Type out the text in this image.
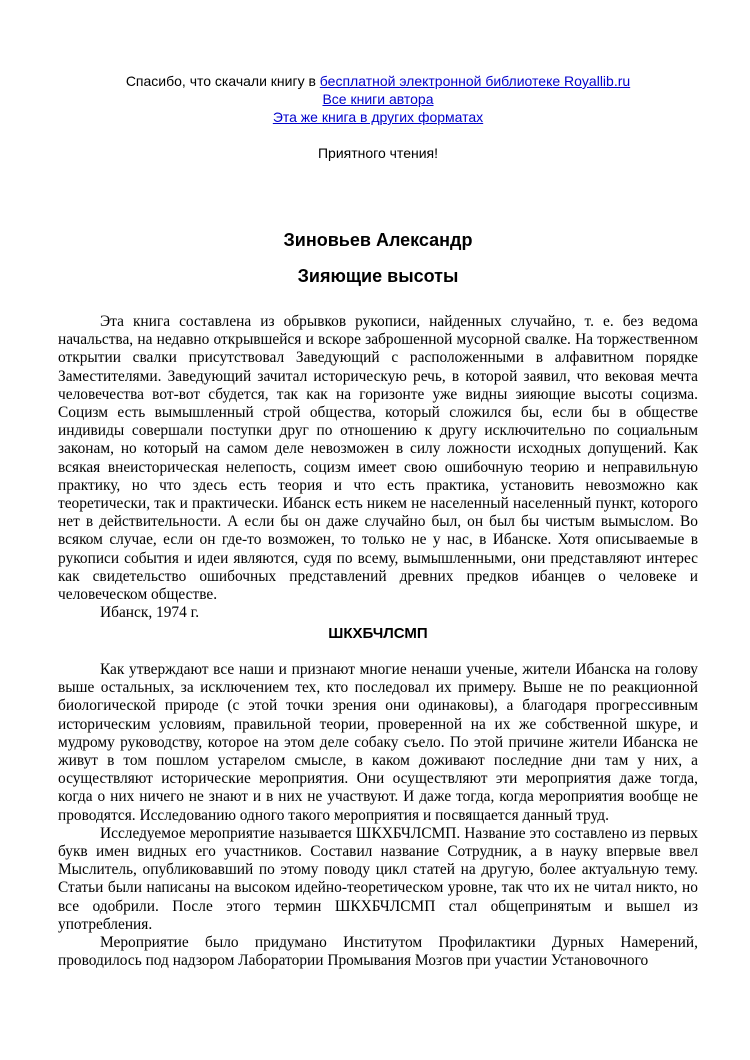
Спасибо, что скачали книгу в бесплатной электронной библиотеке Royallib.ru
Все книги автора
Эта же книга в других форматах
Приятного чтения!
Зиновьев Александр
Зияющие высоты

Эта книга составлена из обрывков рукописи, найденных случайно, т. е. без ведома начальства, на недавно открывшейся и вскоре заброшенной мусорной свалке. На торжественном открытии свалки присутствовал Заведующий с расположенными в алфавитном порядке Заместителями. Заведующий зачитал историческую речь, в которой заявил, что вековая мечта человечества вот-вот сбудется, так как на горизонте уже видны зияющие высоты социзма. Социзм есть вымышленный строй общества, который сложился бы, если бы в обществе индивиды совершали поступки друг по отношению к другу исключительно по социальным законам, но который на самом деле невозможен в силу ложности исходных допущений. Как всякая внеисторическая нелепость, социзм имеет свою ошибочную теорию и неправильную практику, но что здесь есть теория и что есть практика, установить невозможно как теоретически, так и практически. Ибанск есть никем не населенный населенный пункт, которого нет в действительности. А если бы он даже случайно был, он был бы чистым вымыслом. Во всяком случае, если он где-то возможен, то только не у нас, в Ибанске. Хотя описываемые в рукописи события и идеи являются, судя по всему, вымышленными, они представляют интерес как свидетельство ошибочных представлений древних предков ибанцев о человеке и человеческом обществе.

Ибанск, 1974 г.

ШКХБЧЛСМП

Как утверждают все наши и признают многие ненаши ученые, жители Ибанска на голову выше остальных, за исключением тех, кто последовал их примеру. Выше не по реакционной биологической природе (с этой точки зрения они одинаковы), а благодаря прогрессивным историческим условиям, правильной теории, проверенной на их же собственной шкуре, и мудрому руководству, которое на этом деле собаку съело. По этой причине жители Ибанска не живут в том пошлом устарелом смысле, в каком доживают последние дни там у них, а осуществляют исторические мероприятия. Они осуществляют эти мероприятия даже тогда, когда о них ничего не знают и в них не участвуют. И даже тогда, когда мероприятия вообще не проводятся. Исследованию одного такого мероприятия и посвящается данный труд.

Исследуемое мероприятие называется ШКХБЧЛСМП. Название это составлено из первых букв имен видных его участников. Составил название Сотрудник, а в науку впервые ввел Мыслитель, опубликовавший по этому поводу цикл статей на другую, более актуальную тему. Статьи были написаны на высоком идейно-теоретическом уровне, так что их не читал никто, но все одобрили. После этого термин ШКХБЧЛСМП стал общепринятым и вышел из употребления.

Мероприятие было придумано Институтом Профилактики Дурных Намерений, проводилось под надзором Лаборатории Промывания Мозгов при участии Установочного
